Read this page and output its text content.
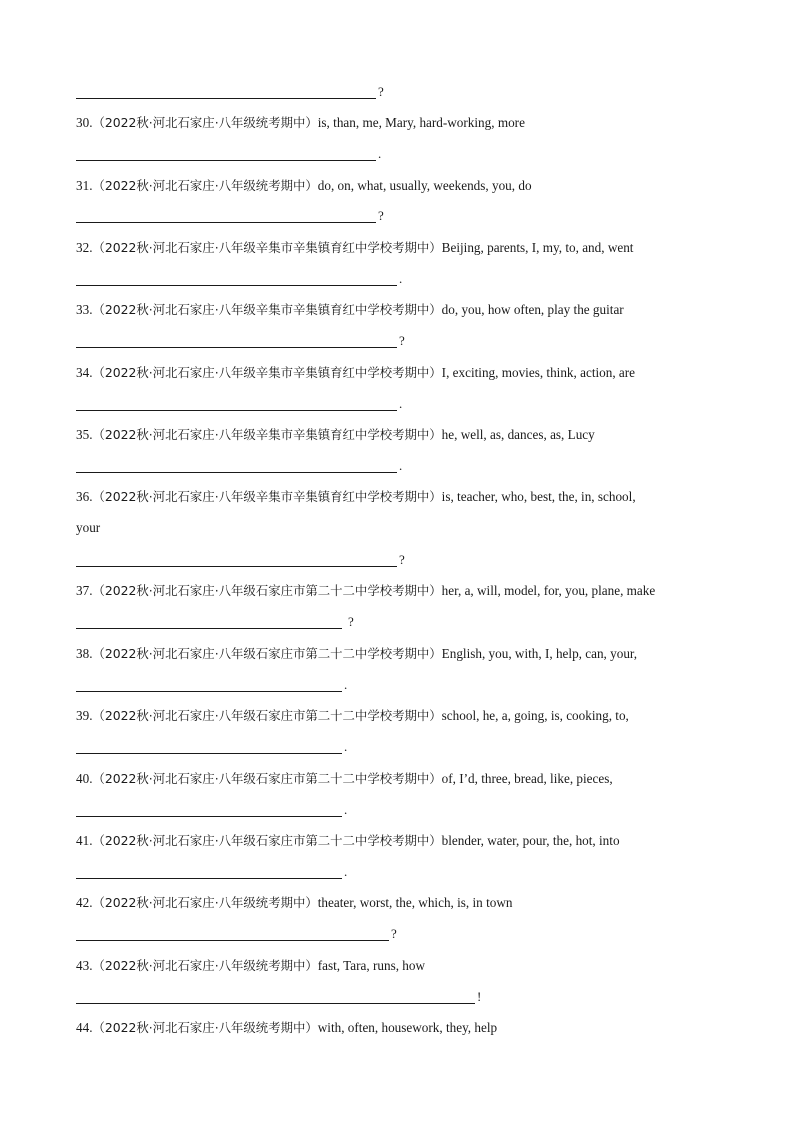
?
30.（2022秋·河北石家庄·八年级统考期中）is, than, me, Mary, hard-working, more
.
31.（2022秋·河北石家庄·八年级统考期中）do, on, what, usually, weekends, you, do
?
32.（2022秋·河北石家庄·八年级辛集市辛集镇育红中学校考期中）Beijing, parents, I, my, to, and, went
.
33.（2022秋·河北石家庄·八年级辛集市辛集镇育红中学校考期中）do, you, how often, play the guitar
?
34.（2022秋·河北石家庄·八年级辛集市辛集镇育红中学校考期中）I, exciting, movies, think, action, are
.
35.（2022秋·河北石家庄·八年级辛集市辛集镇育红中学校考期中）he, well, as, dances, as, Lucy
.
36.（2022秋·河北石家庄·八年级辛集市辛集镇育红中学校考期中）is, teacher, who, best, the, in, school,
your
?
37.（2022秋·河北石家庄·八年级石家庄市第二十二中学校考期中）her, a, will, model, for, you, plane, make
?
38.（2022秋·河北石家庄·八年级石家庄市第二十二中学校考期中）English, you, with, I, help, can, your,
.
39.（2022秋·河北石家庄·八年级石家庄市第二十二中学校考期中）school, he, a, going, is, cooking, to,
.
40.（2022秋·河北石家庄·八年级石家庄市第二十二中学校考期中）of, I’d, three, bread, like, pieces,
.
41.（2022秋·河北石家庄·八年级石家庄市第二十二中学校考期中）blender, water, pour, the, hot, into
.
42.（2022秋·河北石家庄·八年级统考期中）theater, worst, the, which, is, in town
?
43.（2022秋·河北石家庄·八年级统考期中）fast, Tara, runs, how
!
44.（2022秋·河北石家庄·八年级统考期中）with, often, housework, they, help
